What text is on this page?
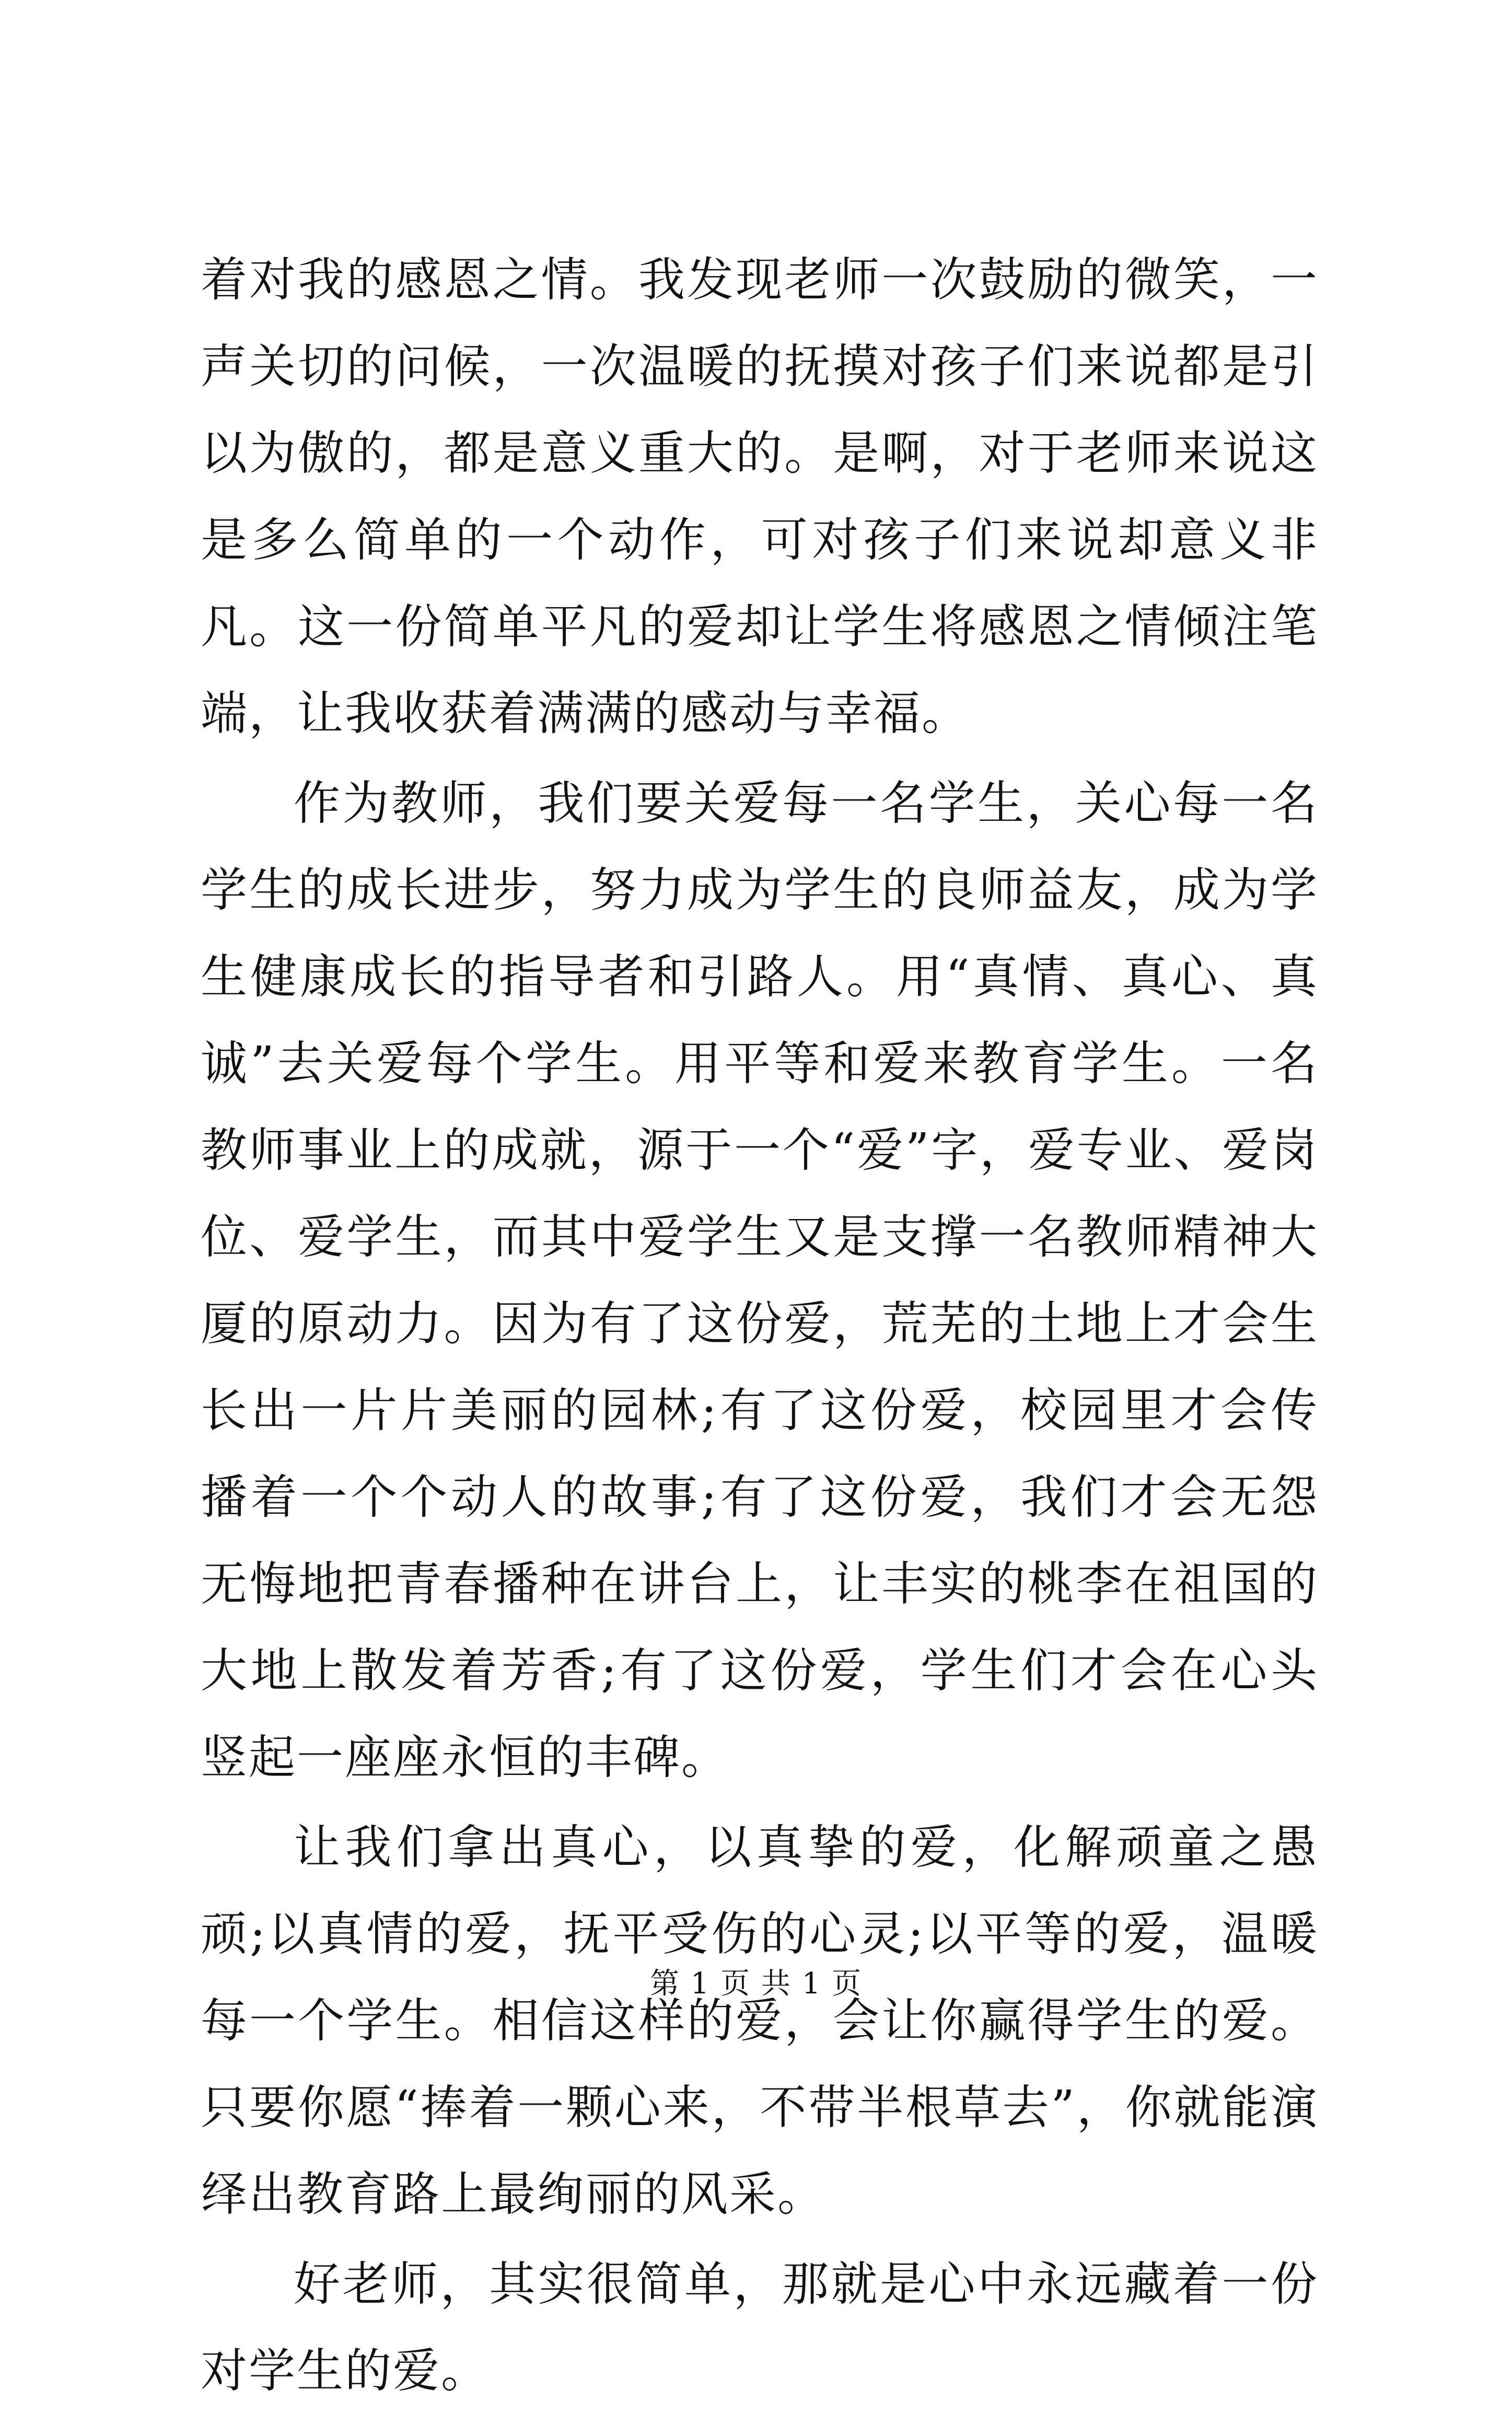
着对我的感恩之情。我发现老师一次鼓励的微笑，一声关切的问候，一次温暖的抚摸对孩子们来说都是引以为傲的，都是意义重大的。是啊，对于老师来说这是多么简单的一个动作，可对孩子们来说却意义非凡。这一份简单平凡的爱却让学生将感恩之情倾注笔端，让我收获着满满的感动与幸福。

作为教师，我们要关爱每一名学生，关心每一名学生的成长进步，努力成为学生的良师益友，成为学生健康成长的指导者和引路人。用“真情、真心、真诚”去关爱每个学生。用平等和爱来教育学生。一名教师事业上的成就，源于一个“爱”字，爱专业、爱岗位、爱学生，而其中爱学生又是支撑一名教师精神大厦的原动力。因为有了这份爱，荒芜的土地上才会生长出一片片美丽的园林;有了这份爱，校园里才会传播着一个个动人的故事;有了这份爱，我们才会无怨无悔地把青春播种在讲台上，让丰实的桃李在祖国的大地上散发着芳香;有了这份爱，学生们才会在心头竖起一座座永恒的丰碑。

让我们拿出真心，以真挚的爱，化解顽童之愚顽;以真情的爱，抚平受伤的心灵;以平等的爱，温暖每一个学生。相信这样的爱，会让你赢得学生的爱。只要你愿“捧着一颗心来，不带半根草去”，你就能演绎出教育路上最绚丽的风采。

好老师，其实很简单，那就是心中永远藏着一份对学生的爱。

第 1 页 共 1 页
